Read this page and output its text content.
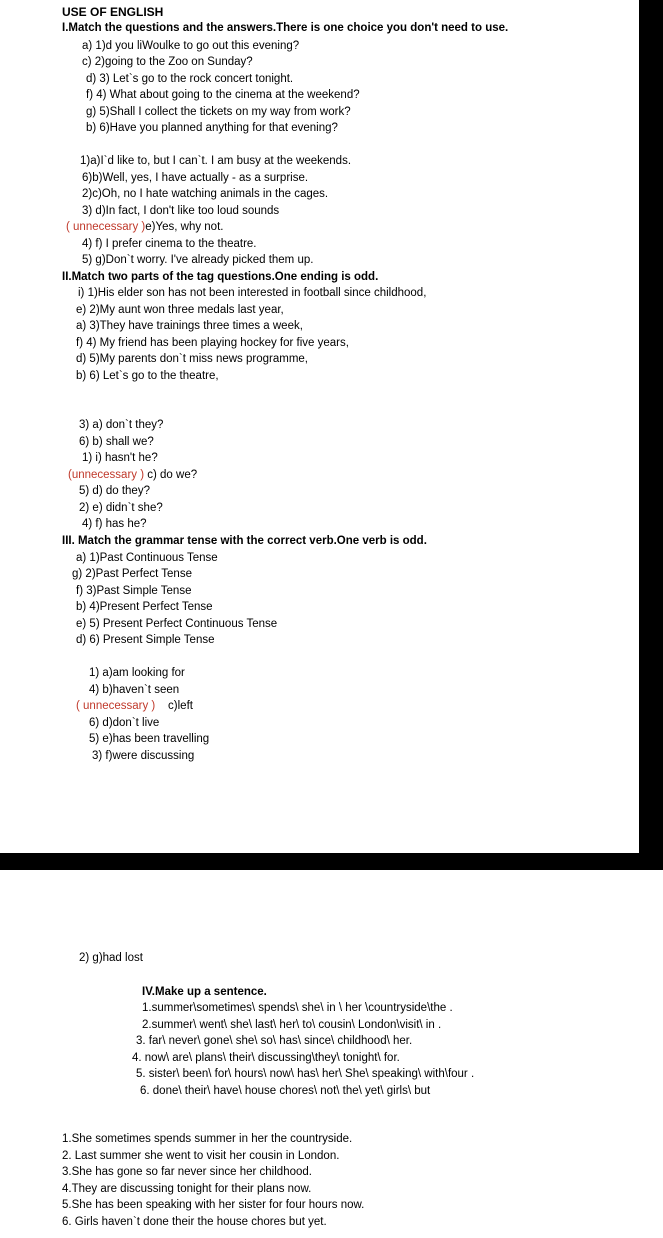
USE OF ENGLISH
I.Match the questions and the answers.There is one choice you don't need to use.
a) 1)d you liWoulke to go out this evening?
c) 2)going to the Zoo on Sunday?
d) 3) Let`s go to the rock concert tonight.
f) 4) What about going to the cinema at the weekend?
g) 5)Shall I collect the tickets on my way from work?
b) 6)Have you planned anything for that evening?
1)a)I`d like to, but I can`t. I am busy at the weekends.
6)b)Well, yes, I have actually - as a surprise.
2)c)Oh, no I hate watching animals in the cages.
3) d)In fact, I don't like too loud sounds
( unnecessary )e)Yes, why not.
4) f) I prefer cinema to the theatre.
5) g)Don`t worry. I've already picked them up.
II.Match two parts of the tag questions.One ending is odd.
i) 1)His elder son has not been interested in football since childhood,
e) 2)My aunt won three medals last year,
a) 3)They have trainings three times a week,
f) 4) My friend has been playing hockey for five years,
d) 5)My parents don`t miss news programme,
b) 6) Let`s go to the theatre,
3) a) don`t they?
6) b) shall we?
1) i) hasn't he?
(unnecessary ) c) do we?
5) d) do they?
2) e) didn`t she?
4) f) has he?
III. Match the grammar tense with the correct verb.One verb is odd.
a) 1)Past Continuous Tense
g) 2)Past Perfect Tense
f) 3)Past Simple Tense
b) 4)Present Perfect Tense
e) 5) Present Perfect Continuous Tense
d) 6) Present Simple Tense
1) a)am looking for
4) b)haven`t seen
( unnecessary )    c)left
6) d)don`t live
5) e)has been travelling
3) f)were discussing
2) g)had lost
IV.Make up a sentence.
1.summer\sometimes\ spends\ she\ in \ her \countryside\the .
2.summer\ went\ she\ last\ her\ to\ cousin\ London\visit\ in .
3. far\ never\ gone\ she\ so\ has\ since\ childhood\ her.
4. now\ are\ plans\ their\ discussing\they\ tonight\ for.
5. sister\ been\ for\ hours\ now\ has\ her\ She\ speaking\ with\four .
6. done\ their\ have\ house chores\ not\ the\ yet\ girls\ but
1.She sometimes spends summer in her the countryside.
2. Last summer she went to visit her cousin in London.
3.She has gone so far never since her childhood.
4.They are discussing tonight for their plans now.
5.She has been speaking with her sister for four hours now.
6. Girls haven`t done their the house chores but yet.
